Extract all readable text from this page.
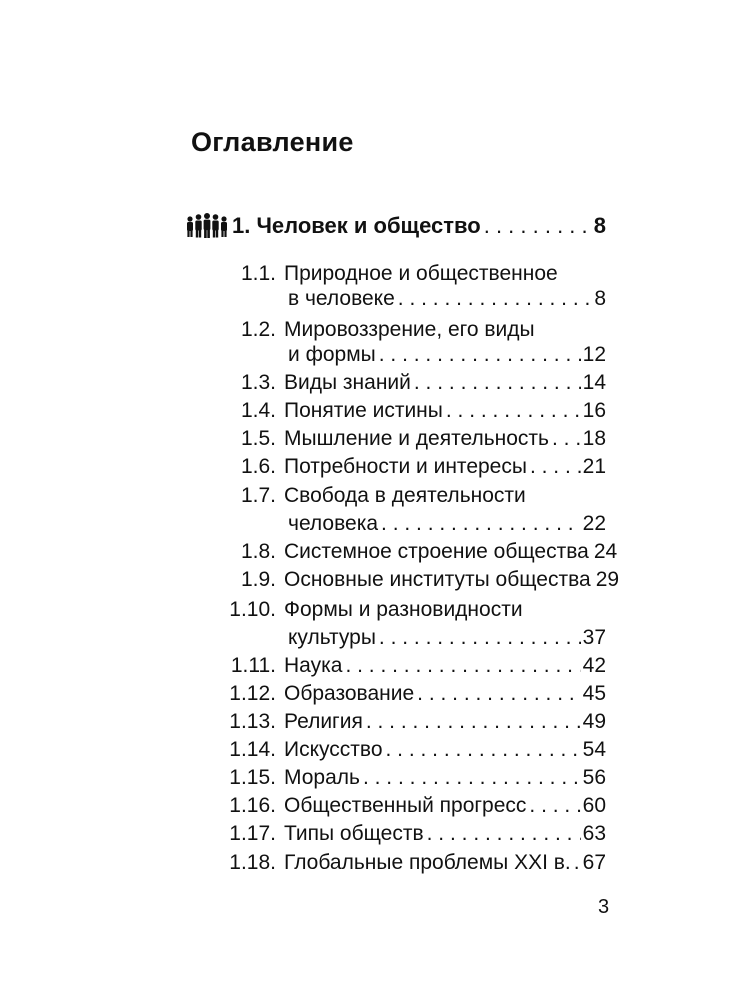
Оглавление
1. Человек и общество . . .	8
1.1. Природное и общественное
в человеке . . .	8
1.2. Мировоззрение, его виды
и формы . . .	12
1.3. Виды знаний . . .	14
1.4. Понятие истины . . .	16
1.5. Мышление и деятельность . . . 18
1.6. Потребности и интересы . . .	21
1.7. Свобода в деятельности
человека . . .	22
1.8. Системное строение общества . . . 24
1.9. Основные институты общества . . . 29
1.10. Формы и разновидности
культуры . . .	37
1.11. Наука . . .	42
1.12. Образование . . .	45
1.13. Религия . . .	49
1.14. Искусство . . .	54
1.15. Мораль . . .	56
1.16. Общественный прогресс . . .	60
1.17. Типы обществ . . .	63
1.18. Глобальные проблемы XXI в. . . . 67
3
